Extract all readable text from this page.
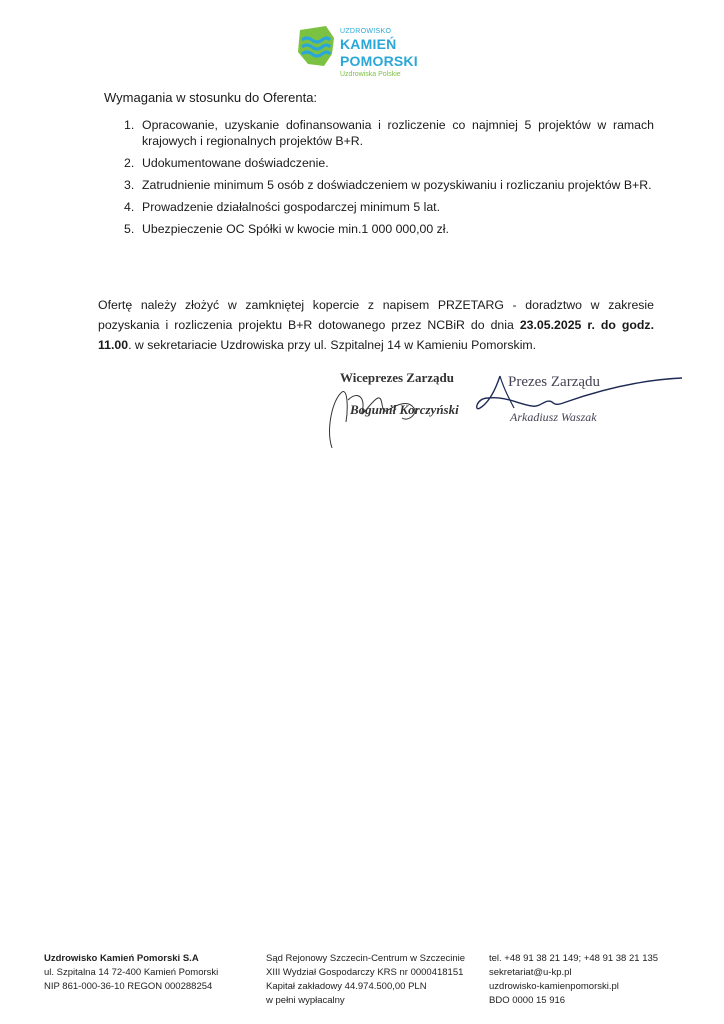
UZDROWISKO
KAMIEŃ POMORSKI
Uzdrowiska Polskie
Wymagania w stosunku do Oferenta:
1. Opracowanie, uzyskanie dofinansowania i rozliczenie co najmniej 5 projektów w ramach krajowych i regionalnych projektów B+R.
2. Udokumentowane doświadczenie.
3. Zatrudnienie minimum 5 osób z doświadczeniem w pozyskiwaniu i rozliczaniu projektów B+R.
4. Prowadzenie działalności gospodarczej minimum 5 lat.
5. Ubezpieczenie OC Spółki w kwocie min.1 000 000,00 zł.

Ofertę należy złożyć w zamkniętej kopercie z napisem PRZETARG - doradztwo w zakresie pozyskania i rozliczenia projektu B+R dotowanego przez NCBiR do dnia 23.05.2025 r. do godz. 11.00. w sekretariacie Uzdrowiska przy ul. Szpitalnej 14 w Kamieniu Pomorskim.

Wiceprezes Zarządu
Bogumił Korczyński
Prezes Zarządu
Arkadiusz Waszak
Uzdrowisko Kamień Pomorski S.A
ul. Szpitalna 14 72-400 Kamień Pomorski
NIP 861-000-36-10 REGON 000288254
Sąd Rejonowy Szczecin-Centrum w Szczecinie
XIII Wydział Gospodarczy KRS nr 0000418151
Kapitał zakładowy 44.974.500,00 PLN
w pełni wypłacalny
tel. +48 91 38 21 149; +48 91 38 21 135
sekretariat@u-kp.pl
uzdrowisko-kamienpomorski.pl
BDO 0000 15 916
